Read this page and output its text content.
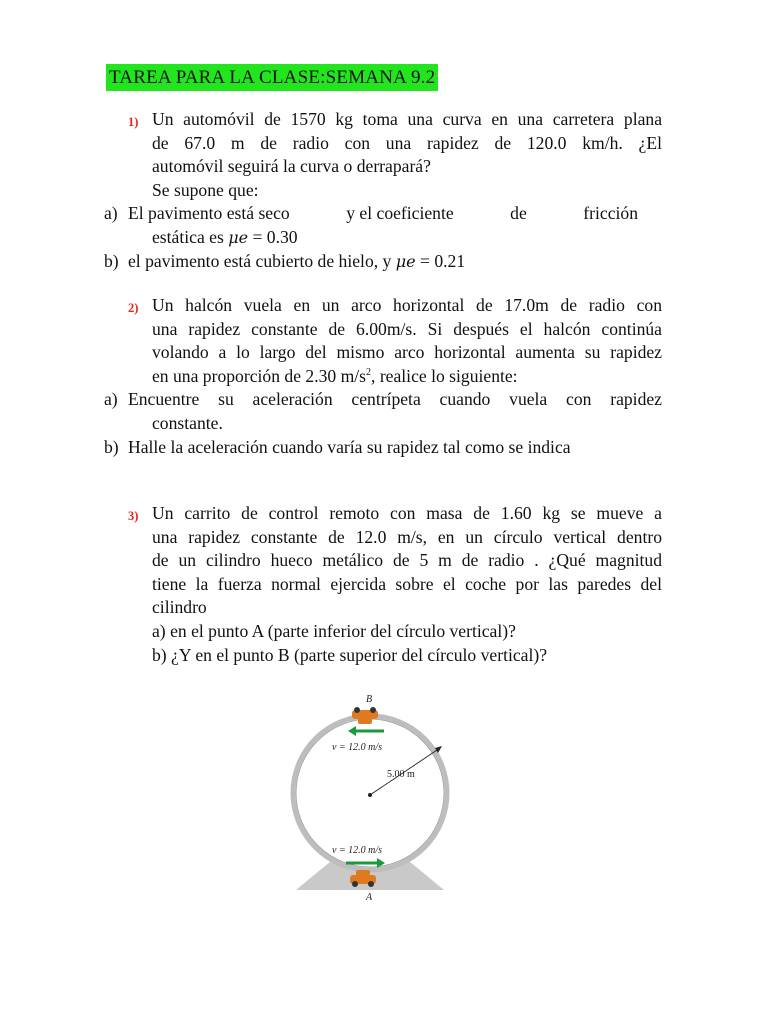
TAREA PARA LA CLASE:SEMANA 9.2
1) Un automóvil de 1570 kg toma una curva en una carretera plana
de 67.0 m de radio con una rapidez de 120.0 km/h. ¿El
automóvil seguirá la curva o derrapará?
Se supone que:
a) El pavimento está seco	y el coeficiente	de	fricción
estática es μe = 0.30
b) el pavimento está cubierto de hielo, y μe = 0.21
2) Un halcón vuela en un arco horizontal de 17.0m de radio con
una rapidez constante de 6.00m/s. Si después el halcón continúa
volando a lo largo del mismo arco horizontal aumenta su rapidez
en una proporción de 2.30 $m/s^2$, realice lo siguiente:
a) Encuentre su aceleración centrípeta cuando vuela con rapidez
constante.
b) Halle la aceleración cuando varía su rapidez tal como se indica
3) Un carrito de control remoto con masa de 1.60 kg se mueve a
una rapidez constante de 12.0 m/s, en un círculo vertical dentro
de un cilindro hueco metálico de 5 m de radio . ¿Qué magnitud
tiene la fuerza normal ejercida sobre el coche por las paredes del
cilindro
a) en el punto A (parte inferior del círculo vertical)?
b) ¿Y en el punto B (parte superior del círculo vertical)?
B
v = 12.0 m/s
5.00 m
v = 12.0 m/s
A
